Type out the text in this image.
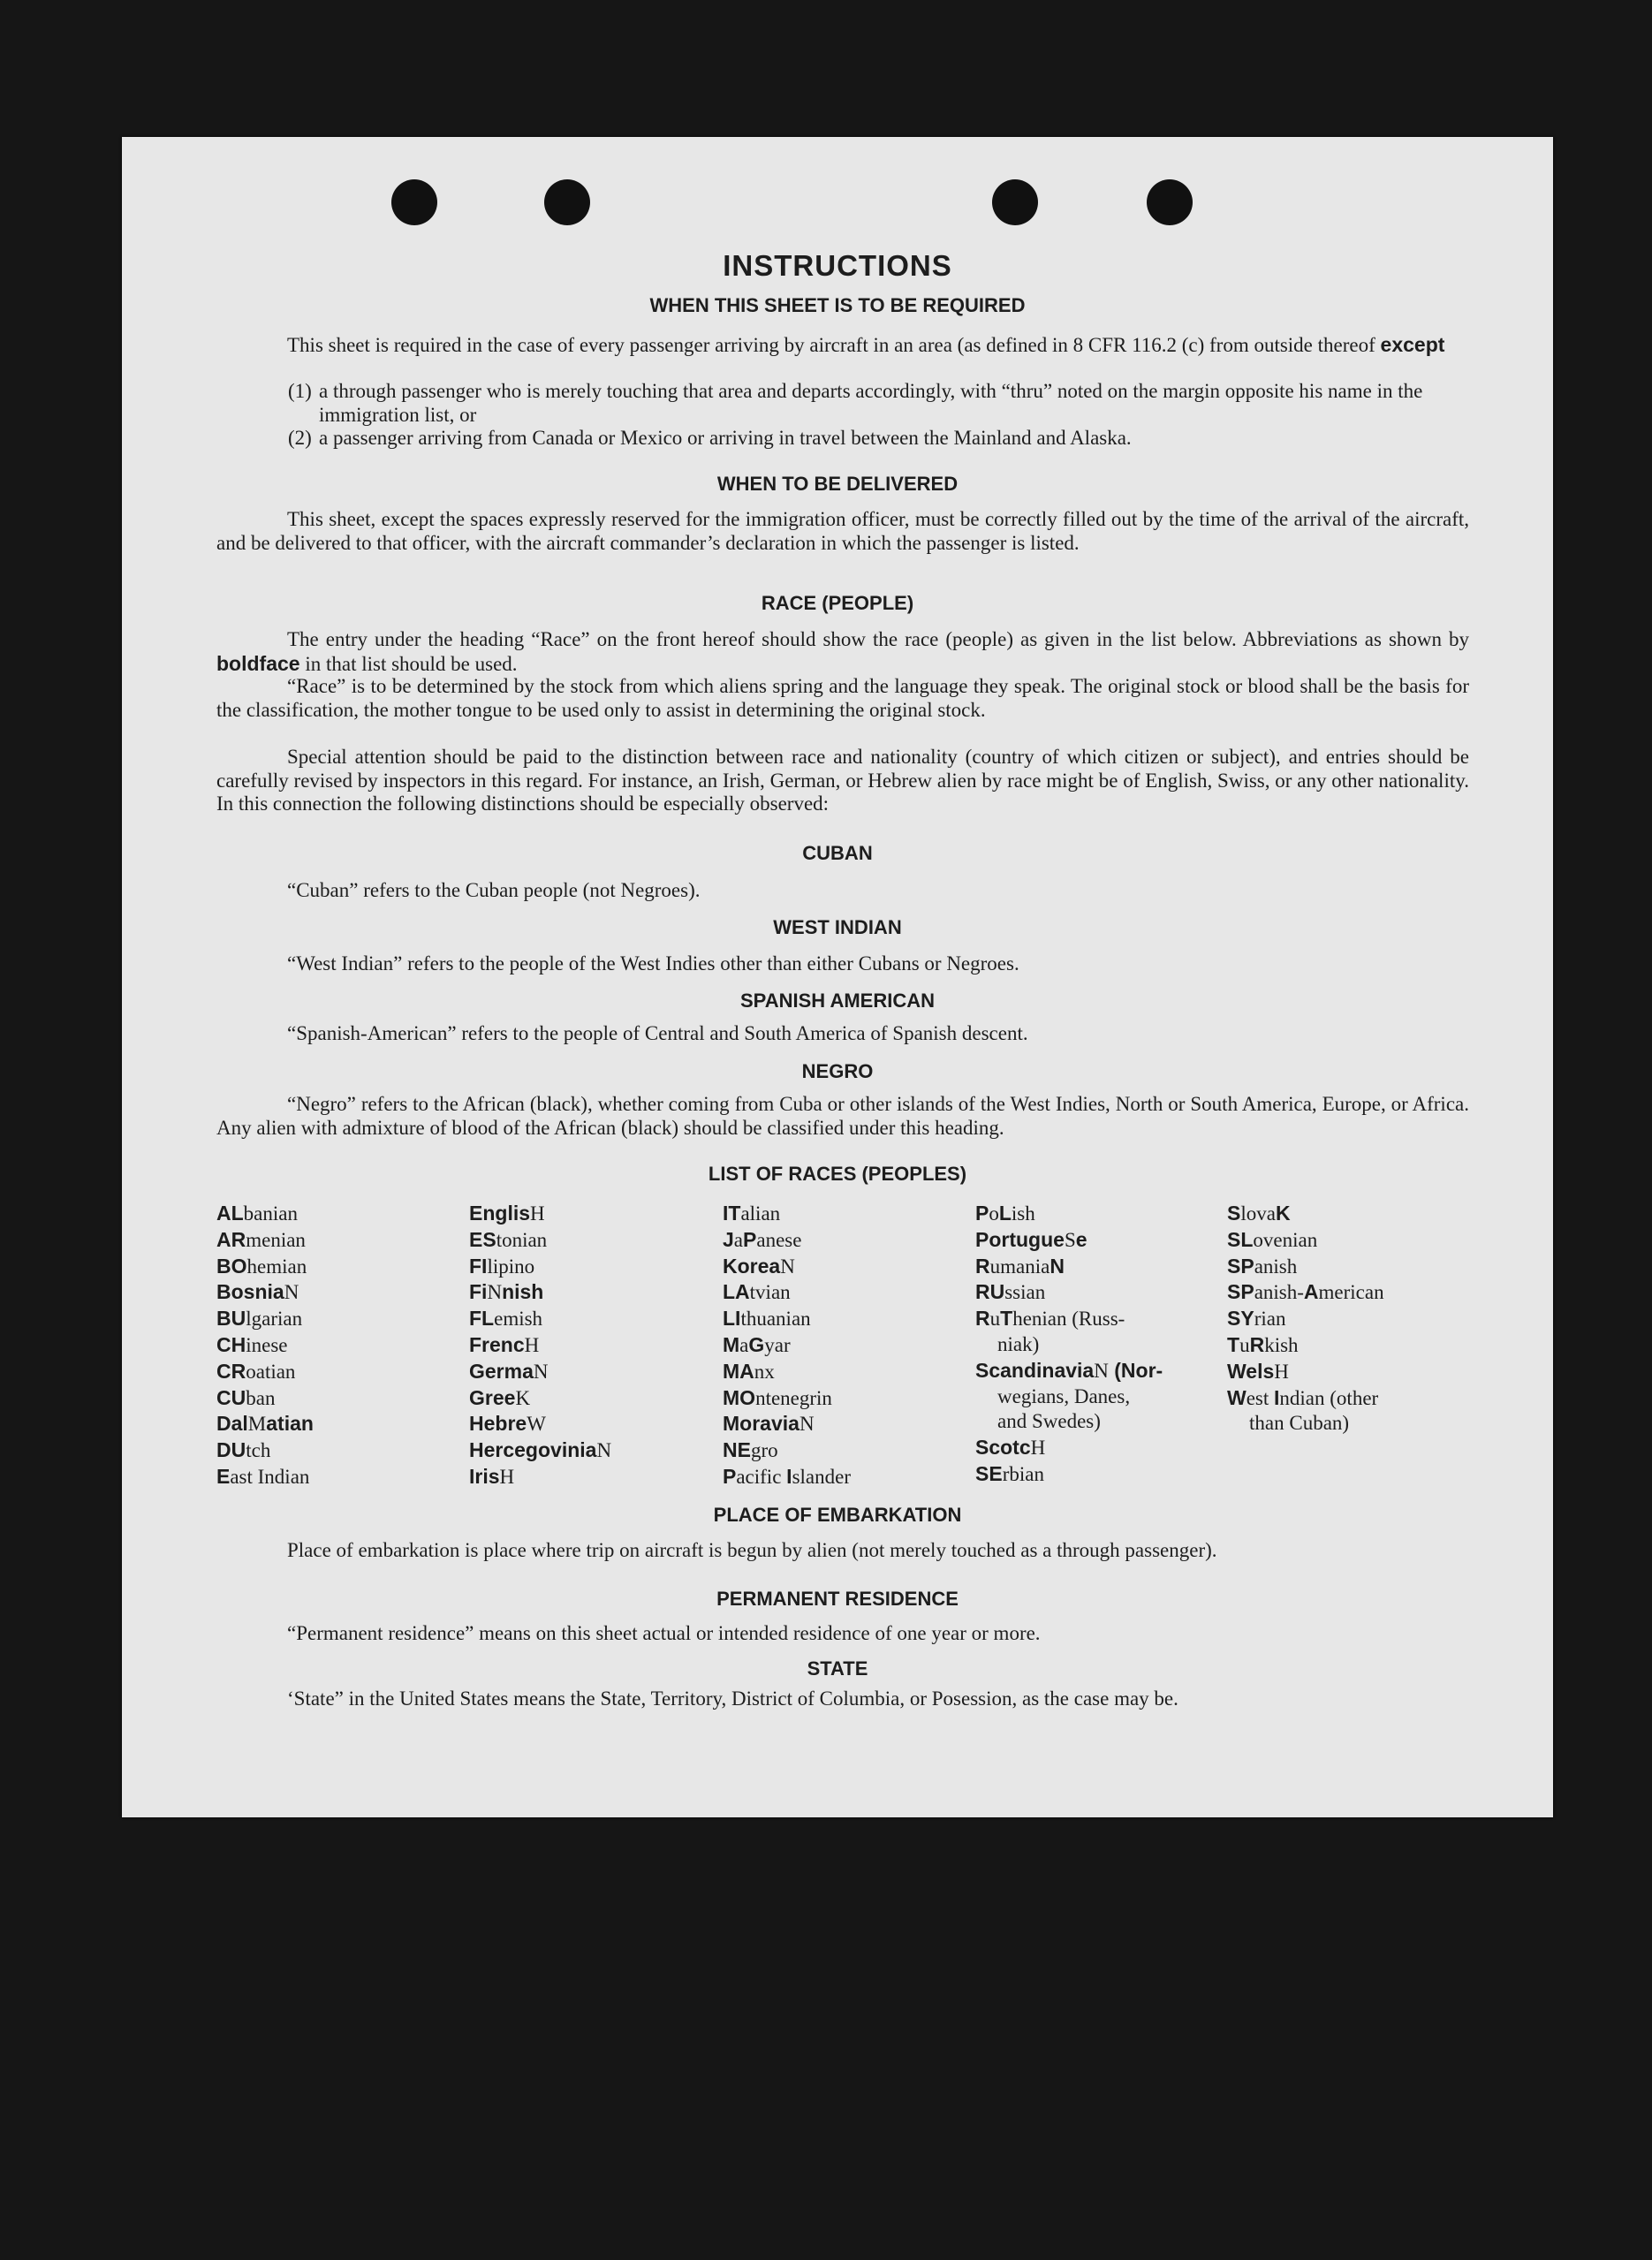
INSTRUCTIONS
WHEN THIS SHEET IS TO BE REQUIRED
This sheet is required in the case of every passenger arriving by aircraft in an area (as defined in 8 CFR 116.2 (c) from outside thereof except
(1) a through passenger who is merely touching that area and departs accordingly, with “thru” noted on the margin opposite his name in the immigration list, or
(2) a passenger arriving from Canada or Mexico or arriving in travel between the Mainland and Alaska.
WHEN TO BE DELIVERED
This sheet, except the spaces expressly reserved for the immigration officer, must be correctly filled out by the time of the arrival of the aircraft, and be delivered to that officer, with the aircraft commander’s declaration in which the passenger is listed.
RACE (PEOPLE)
The entry under the heading “Race” on the front hereof should show the race (people) as given in the list below. Abbreviations as shown by boldface in that list should be used.
“Race” is to be determined by the stock from which aliens spring and the language they speak. The original stock or blood shall be the basis for the classification, the mother tongue to be used only to assist in determining the original stock.
Special attention should be paid to the distinction between race and nationality (country of which citizen or subject), and entries should be carefully revised by inspectors in this regard. For instance, an Irish, German, or Hebrew alien by race might be of English, Swiss, or any other nationality. In this connection the following distinctions should be especially observed:
CUBAN
“Cuban” refers to the Cuban people (not Negroes).
WEST INDIAN
“West Indian” refers to the people of the West Indies other than either Cubans or Negroes.
SPANISH AMERICAN
“Spanish-American” refers to the people of Central and South America of Spanish descent.
NEGRO
“Negro” refers to the African (black), whether coming from Cuba or other islands of the West Indies, North or South America, Europe, or Africa. Any alien with admixture of blood of the African (black) should be classified under this heading.
LIST OF RACES (PEOPLES)
ALbanian
ARmenian
BOhemian
BosniaN
BUlgarian
CHinese
CRoatian
CUban
DalMatian
DUtch
East Indian
EnglisH
EStonian
FIlipino
FiNnish
FLemish
FrencH
GermaN
GreeK
HebreW
HercegoviniaN
IrisH
ITalian
JaPanese
KoreaN
LAtvian
LIthuanian
MaGyar
MAnx
MOntenegrin
MoraviaN
NEgro
Pacific Islander
PoLish
PortugueSe
RumaniaN
RUssian
RuThenian (Russ-
niak)
ScandinaviaN (Nor-
wegians, Danes,
and Swedes)
ScotcH
SErbian
SlovaK
SLovenian
SPanish
SPanish-American
SYrian
TuRkish
WelsH
West Indian (other
than Cuban)
PLACE OF EMBARKATION
Place of embarkation is place where trip on aircraft is begun by alien (not merely touched as a through passenger).
PERMANENT RESIDENCE
“Permanent residence” means on this sheet actual or intended residence of one year or more.
STATE
‘State” in the United States means the State, Territory, District of Columbia, or Posession, as the case may be.
